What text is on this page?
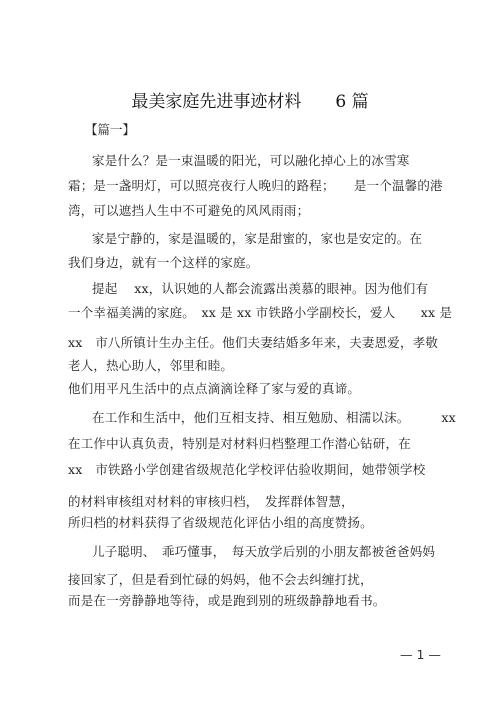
最美家庭先进事迹材料　　6 篇
【篇一】
家是什么？是一束温暖的阳光，可以融化掉心上的冰雪寒
霜；是一盏明灯，可以照亮夜行人晚归的路程；　　是一个温馨的港
湾，可以遮挡人生中不可避免的风风雨雨；
家是宁静的，家是温暖的，家是甜蜜的，家也是安定的。在
我们身边，就有一个这样的家庭。
提起　 xx，认识她的人都会流露出羡慕的眼神。因为他们有
一个幸福美满的家庭。　xx 是 xx 市铁路小学副校长，爱人　　xx 是
xx　市八所镇计生办主任。他们夫妻结婚多年来，夫妻恩爱，孝敬
老人，热心助人，邻里和睦。
他们用平凡生活中的点点滴滴诠释了家与爱的真谛。
在工作和生活中，他们互相支持、相互勉励、相濡以沫。　　　xx
在工作中认真负责，特别是对材料归档整理工作潜心钻研，在
xx　市铁路小学创建省级规范化学校评估验收期间，她带领学校
的材料审核组对材料的审核归档，　发挥群体智慧，
所归档的材料获得了省级规范化评估小组的高度赞扬。
儿子聪明、　乖巧懂事，　每天放学后别的小朋友都被爸爸妈妈
接回家了，但是看到忙碌的妈妈，他不会去纠缠打扰，
而是在一旁静静地等待，或是跑到别的班级静静地看书。
— 1 —
